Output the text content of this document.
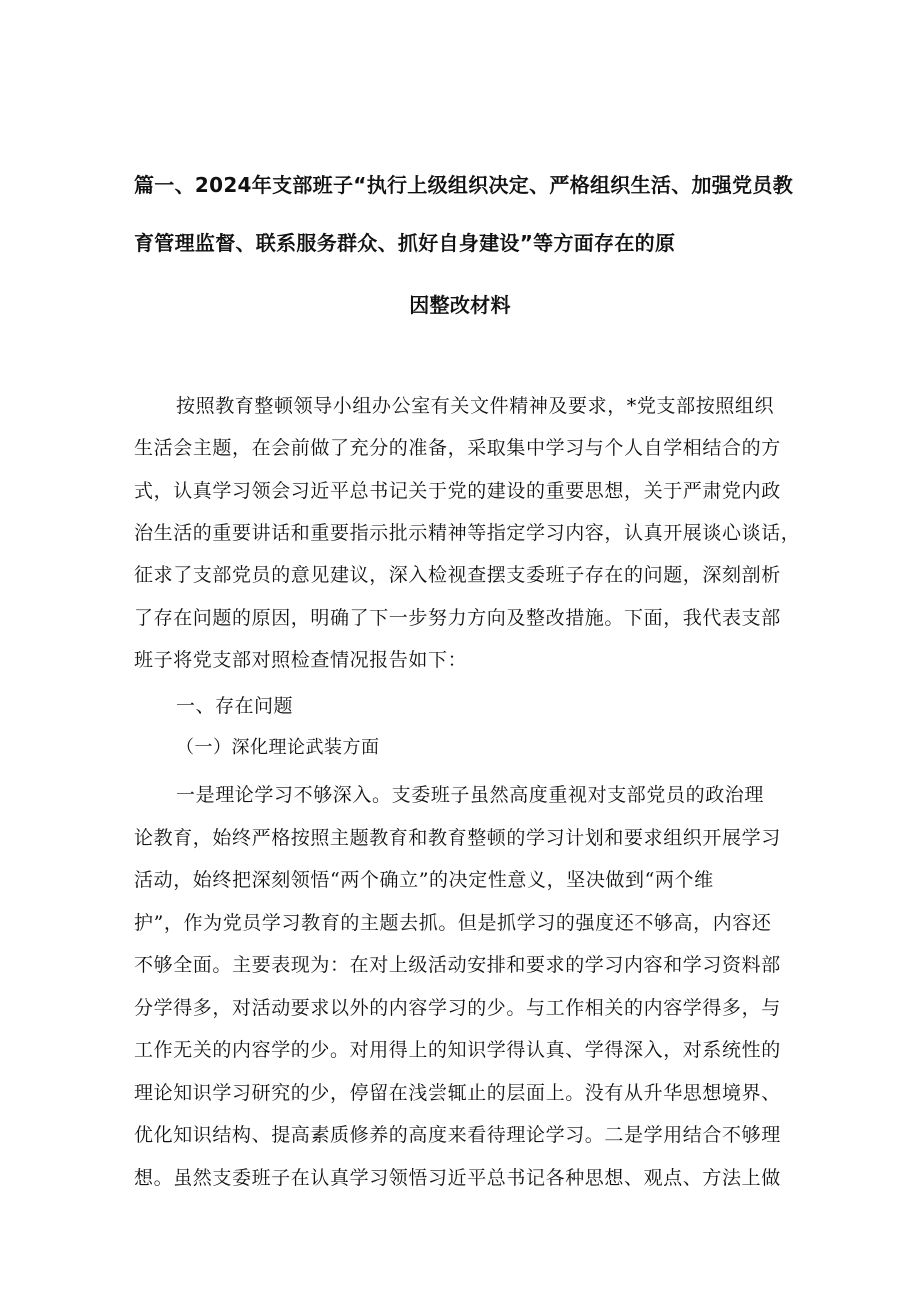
篇一、2024年支部班子“执行上级组织决定、严格组织生活、加强党员教
育管理监督、联系服务群众、抓好自身建设”等方面存在的原
因整改材料
按照教育整顿领导小组办公室有关文件精神及要求，*党支部按照组织
生活会主题，在会前做了充分的准备，采取集中学习与个人自学相结合的方
式，认真学习领会习近平总书记关于党的建设的重要思想，关于严肃党内政
治生活的重要讲话和重要指示批示精神等指定学习内容，认真开展谈心谈话，
征求了支部党员的意见建议，深入检视查摆支委班子存在的问题，深刻剖析
了存在问题的原因，明确了下一步努力方向及整改措施。下面，我代表支部
班子将党支部对照检查情况报告如下：
一、存在问题
（一）深化理论武装方面
一是理论学习不够深入。支委班子虽然高度重视对支部党员的政治理
论教育，始终严格按照主题教育和教育整顿的学习计划和要求组织开展学习
活动，始终把深刻领悟“两个确立”的决定性意义，坚决做到“两个维
护”，作为党员学习教育的主题去抓。但是抓学习的强度还不够高，内容还
不够全面。主要表现为：在对上级活动安排和要求的学习内容和学习资料部
分学得多，对活动要求以外的内容学习的少。与工作相关的内容学得多，与
工作无关的内容学的少。对用得上的知识学得认真、学得深入，对系统性的
理论知识学习研究的少，停留在浅尝辄止的层面上。没有从升华思想境界、
优化知识结构、提高素质修养的高度来看待理论学习。二是学用结合不够理
想。虽然支委班子在认真学习领悟习近平总书记各种思想、观点、方法上做
